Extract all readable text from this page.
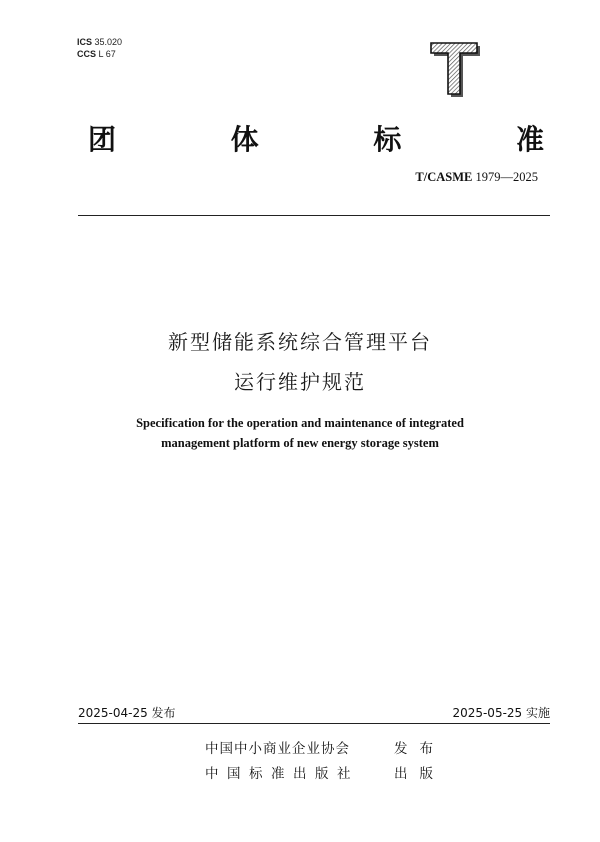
ICS 35.020
CCS L 67
T
团	体	标	准
T/CASME 1979—2025
新型储能系统综合管理平台
运行维护规范
Specification for the operation and maintenance of integrated
management platform of new energy storage system
2025-04-25 发布	2025-05-25 实施
中国中小商业企业协会	发布
中国标准出版社	出版
